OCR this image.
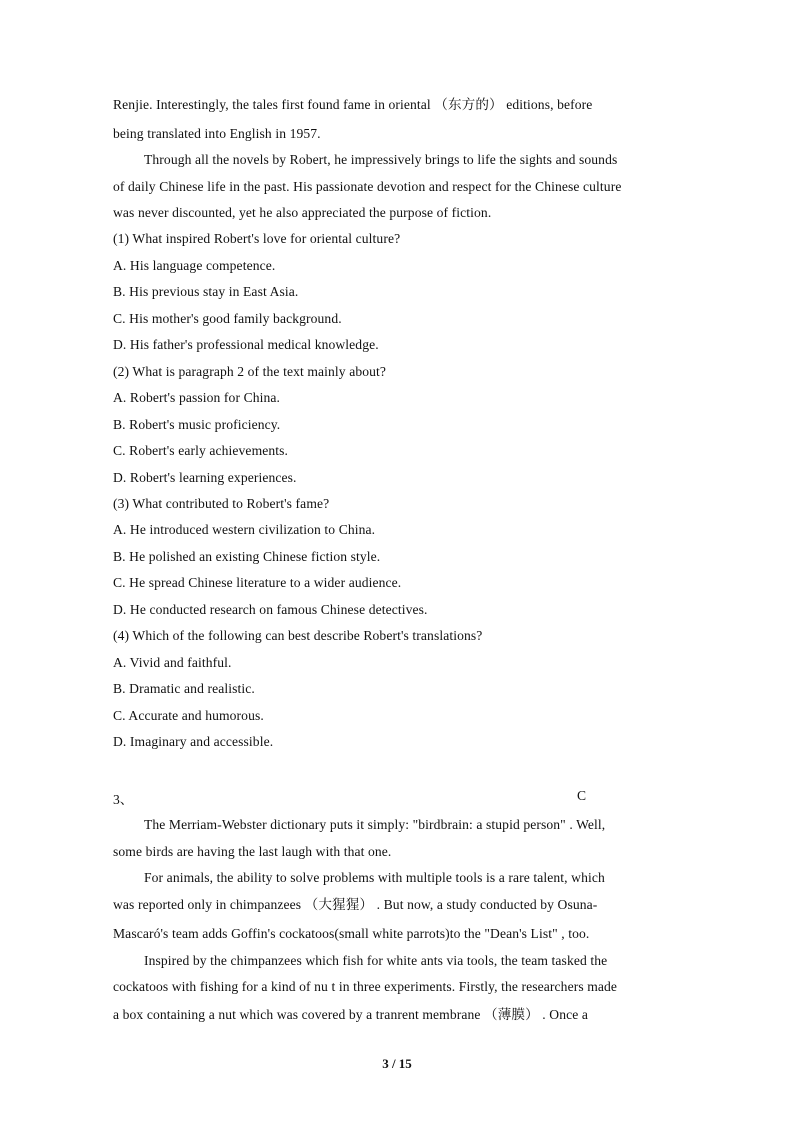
Renjie. Interestingly, the tales first found fame in oriental （东方的） editions, before
being translated into English in 1957.
Through all the novels by Robert, he impressively brings to life the sights and sounds
of daily Chinese life in the past. His passionate devotion and respect for the Chinese culture
was never discounted, yet he also appreciated the purpose of fiction.
(1) What inspired Robert's love for oriental culture?
A. His language competence.
B. His previous stay in East Asia.
C. His mother's good family background.
D. His father's professional medical knowledge.
(2) What is paragraph 2 of the text mainly about?
A. Robert's passion for China.
B. Robert's music proficiency.
C. Robert's early achievements.
D. Robert's learning experiences.
(3) What contributed to Robert's fame?
A. He introduced western civilization to China.
B. He polished an existing Chinese fiction style.
C. He spread Chinese literature to a wider audience.
D. He conducted research on famous Chinese detectives.
(4) Which of the following can best describe Robert's translations?
A. Vivid and faithful.
B. Dramatic and realistic.
C. Accurate and humorous.
D. Imaginary and accessible.
3、	C
The Merriam-Webster dictionary puts it simply: "birdbrain: a stupid person" . Well,
some birds are having the last laugh with that one.
For animals, the ability to solve problems with multiple tools is a rare talent, which
was reported only in chimpanzees （大猩猩） . But now, a study conducted by Osuna-
Mascaró's team adds Goffin's cockatoos(small white parrots)to the "Dean's List" , too.
Inspired by the chimpanzees which fish for white ants via tools, the team tasked the
cockatoos with fishing for a kind of nu t in three experiments. Firstly, the researchers made
a box containing a nut which was covered by a tranrent membrane （薄膜） . Once a
3 / 15
